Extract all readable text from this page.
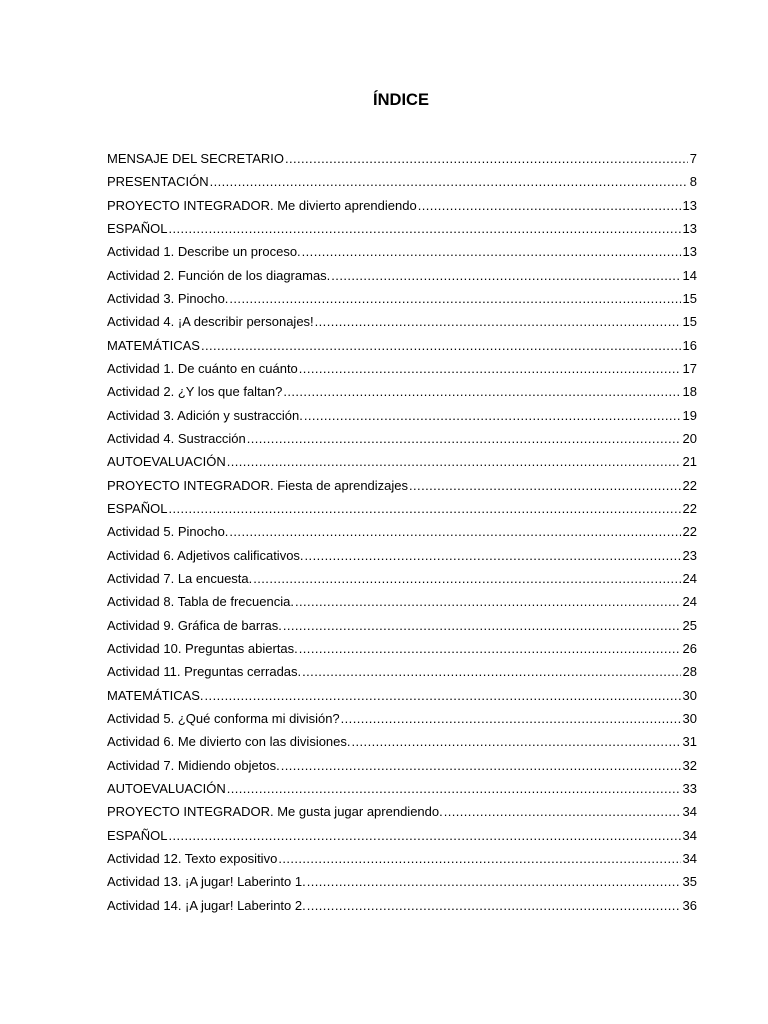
ÍNDICE
MENSAJE DEL SECRETARIO .....	7
PRESENTACIÓN .....	8
PROYECTO INTEGRADOR. Me divierto aprendiendo .....	13
ESPAÑOL .....	13
Actividad 1. Describe un proceso. .....	13
Actividad 2. Función de los diagramas. .....	14
Actividad 3. Pinocho. .....	15
Actividad 4. ¡A describir personajes! .....	15
MATEMÁTICAS .....	16
Actividad 1. De cuánto en cuánto .....	17
Actividad 2. ¿Y los que faltan? .....	18
Actividad 3. Adición y sustracción. .....	19
Actividad 4. Sustracción .....	20
AUTOEVALUACIÓN .....	21
PROYECTO INTEGRADOR. Fiesta de aprendizajes .....	22
ESPAÑOL .....	22
Actividad 5. Pinocho. .....	22
Actividad 6. Adjetivos calificativos. .....	23
Actividad 7. La encuesta. .....	24
Actividad 8. Tabla de frecuencia. .....	24
Actividad 9. Gráfica de barras. .....	25
Actividad 10. Preguntas abiertas. .....	26
Actividad 11. Preguntas cerradas. .....	28
MATEMÁTICAS. .....	30
Actividad 5. ¿Qué conforma mi división? .....	30
Actividad 6. Me divierto con las divisiones. .....	31
Actividad 7. Midiendo objetos. .....	32
AUTOEVALUACIÓN .....	33
PROYECTO INTEGRADOR. Me gusta jugar aprendiendo. .....	34
ESPAÑOL .....	34
Actividad 12. Texto expositivo .....	34
Actividad 13. ¡A jugar! Laberinto 1. .....	35
Actividad 14. ¡A jugar! Laberinto 2. .....	36
